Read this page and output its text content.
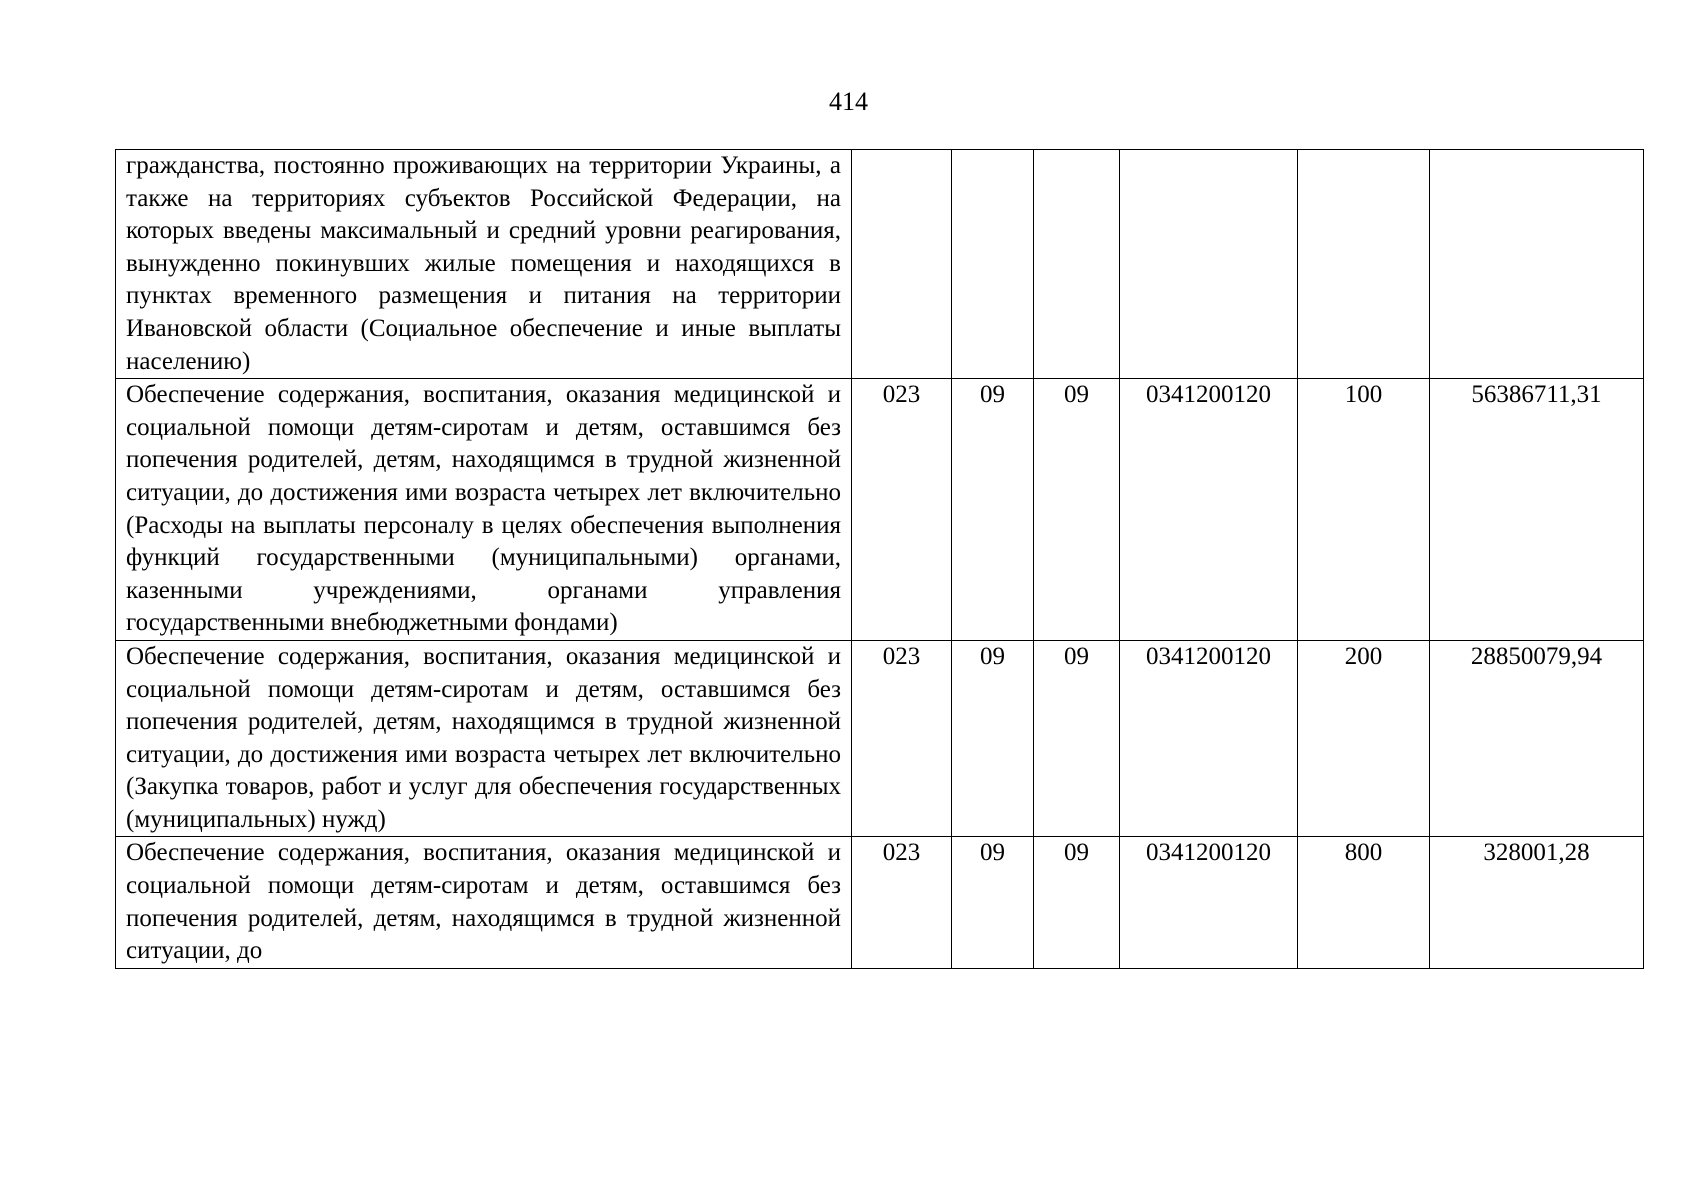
414
гражданства, постоянно проживающих на территории Украины, а также на территориях субъектов Российской Федерации, на которых введены максимальный и средний уровни реагирования, вынужденно покинувших жилые помещения и находящихся в пунктах временного размещения и питания на территории Ивановской области (Социальное обеспечение и иные выплаты населению)						
Обеспечение содержания, воспитания, оказания медицинской и социальной помощи детям-сиротам и детям, оставшимся без попечения родителей, детям, находящимся в трудной жизненной ситуации, до достижения ими возраста четырех лет включительно (Расходы на выплаты персоналу в целях обеспечения выполнения функций государственными (муниципальными) органами, казенными учреждениями, органами управления государственными внебюджетными фондами)	023	09	09	0341200120	100	56386711,31
Обеспечение содержания, воспитания, оказания медицинской и социальной помощи детям-сиротам и детям, оставшимся без попечения родителей, детям, находящимся в трудной жизненной ситуации, до достижения ими возраста четырех лет включительно (Закупка товаров, работ и услуг для обеспечения государственных (муниципальных) нужд)	023	09	09	0341200120	200	28850079,94
Обеспечение содержания, воспитания, оказания медицинской и социальной помощи детям-сиротам и детям, оставшимся без попечения родителей, детям, находящимся в трудной жизненной ситуации, до	023	09	09	0341200120	800	328001,28
